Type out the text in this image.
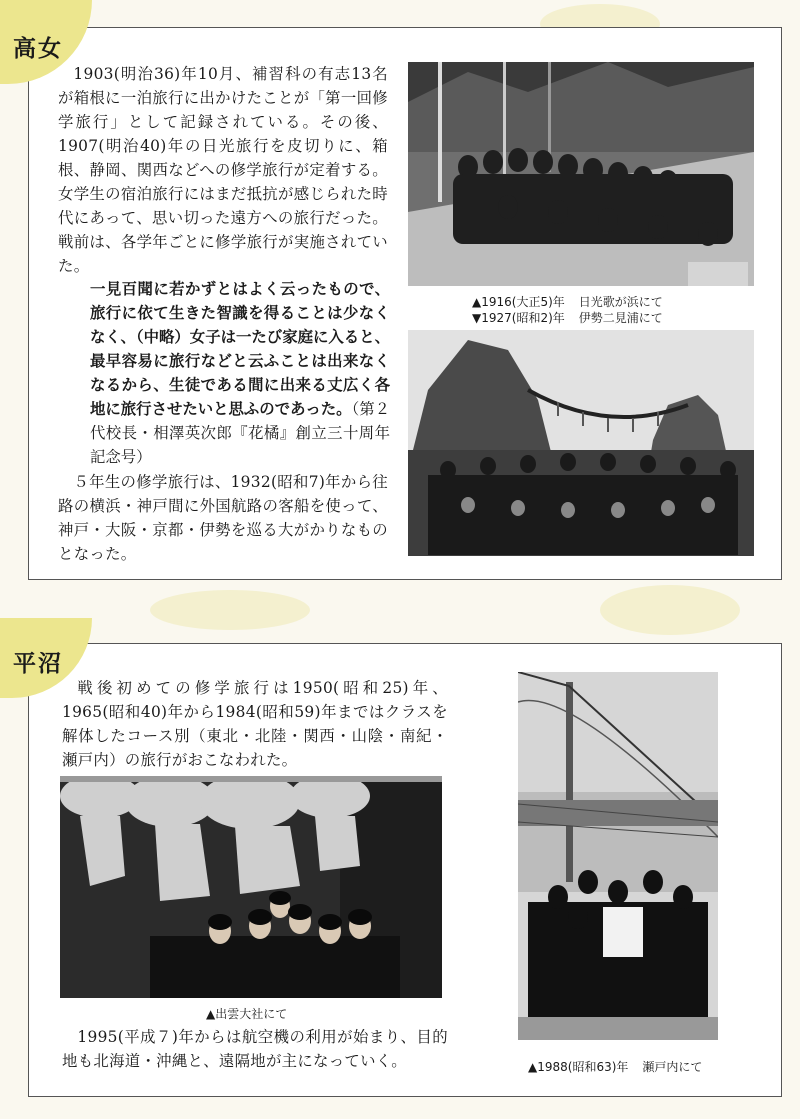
高女

1903(明治36)年10月、補習科の有志13名が箱根に一泊旅行に出かけたことが「第一回修学旅行」として記録されている。その後、1907(明治40)年の日光旅行を皮切りに、箱根、静岡、関西などへの修学旅行が定着する。女学生の宿泊旅行にはまだ抵抗が感じられた時代にあって、思い切った遠方への旅行だった。戦前は、各学年ごとに修学旅行が実施されていた。

一見百聞に若かずとはよく云ったもので、旅行に依て生きた智識を得ることは少なくなく、（中略）女子は一たび家庭に入ると、最早容易に旅行などと云ふことは出来なくなるから、生徒である間に出来る丈広く各地に旅行させたいと思ふのであった。（第２代校長・相澤英次郎『花橘』創立三十周年記念号）

５年生の修学旅行は、1932(昭和7)年から往路の横浜・神戸間に外国航路の客船を使って、神戸・大阪・京都・伊勢を巡る大がかりなものとなった。

▲1916(大正5)年 日光歌が浜にて
▼1927(昭和2)年 伊勢二見浦にて
平沼

戦後初めての修学旅行は1950(昭和25)年、1965(昭和40)年から1984(昭和59)年まではクラスを解体したコース別（東北・北陸・関西・山陰・南紀・瀬戸内）の旅行がおこなわれた。

▲出雲大社にて

1995(平成７)年からは航空機の利用が始まり、目的地も北海道・沖縄と、遠隔地が主になっていく。	▲1988(昭和63)年 瀬戸内にて
